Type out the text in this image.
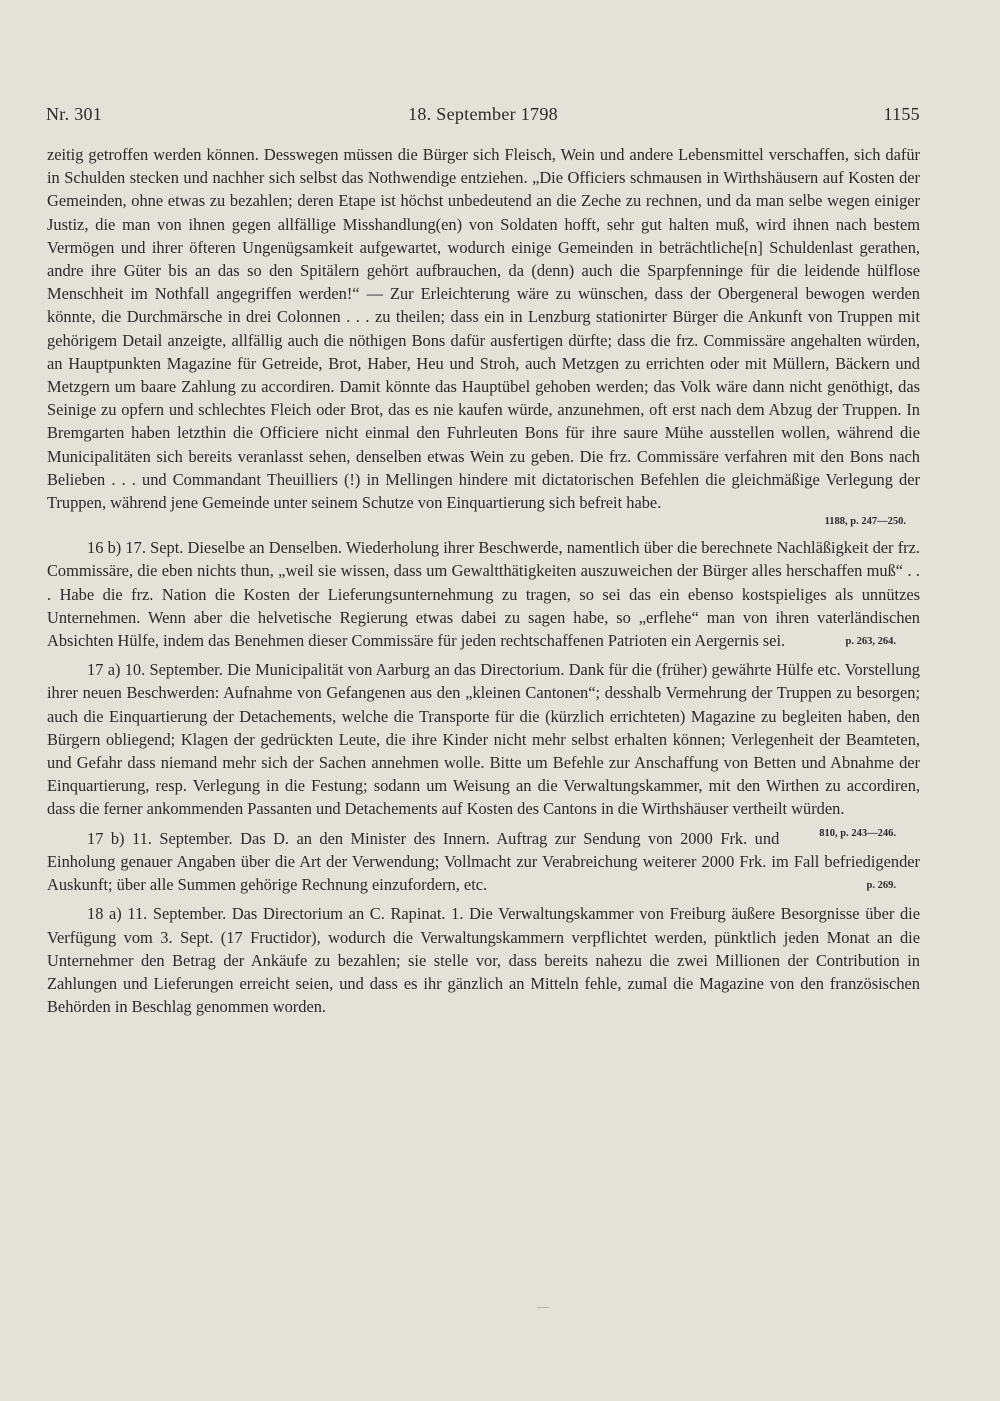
Nr. 301	18. September 1798	1155

zeitig getroffen werden können. Desswegen müssen die Bürger sich Fleisch, Wein und andere Lebensmittel verschaffen, sich dafür in Schulden stecken und nachher sich selbst das Nothwendige entziehen. „Die Officiers schmausen in Wirthshäusern auf Kosten der Gemeinden, ohne etwas zu bezahlen; deren Etape ist höchst unbedeutend an die Zeche zu rechnen, und da man selbe wegen einiger Justiz, die man von ihnen gegen allfällige Misshandlung(en) von Soldaten hofft, sehr gut halten muß, wird ihnen nach bestem Vermögen und ihrer öfteren Ungenügsamkeit aufgewartet, wodurch einige Gemeinden in beträchtliche[n] Schuldenlast gerathen, andre ihre Güter bis an das so den Spitälern gehört aufbrauchen, da (denn) auch die Sparpfenninge für die leidende hülflose Menschheit im Nothfall angegriffen werden!“ — Zur Erleichterung wäre zu wünschen, dass der Obergeneral bewogen werden könnte, die Durchmärsche in drei Colonnen . . . zu theilen; dass ein in Lenzburg stationirter Bürger die Ankunft von Truppen mit gehörigem Detail anzeigte, allfällig auch die nöthigen Bons dafür ausfertigen dürfte; dass die frz. Commissäre angehalten würden, an Hauptpunkten Magazine für Getreide, Brot, Haber, Heu und Stroh, auch Metzgen zu errichten oder mit Müllern, Bäckern und Metzgern um baare Zahlung zu accordiren. Damit könnte das Hauptübel gehoben werden; das Volk wäre dann nicht genöthigt, das Seinige zu opfern und schlechtes Fleich oder Brot, das es nie kaufen würde, anzunehmen, oft erst nach dem Abzug der Truppen. In Bremgarten haben letzthin die Officiere nicht einmal den Fuhrleuten Bons für ihre saure Mühe ausstellen wollen, während die Municipalitäten sich bereits veranlasst sehen, denselben etwas Wein zu geben. Die frz. Commissäre verfahren mit den Bons nach Belieben . . . und Commandant Theuilliers (!) in Mellingen hindere mit dictatorischen Befehlen die gleichmäßige Verlegung der Truppen, während jene Gemeinde unter seinem Schutze von Einquartierung sich befreit habe.

1188, p. 247—250.

16 b) 17. Sept. Dieselbe an Denselben. Wiederholung ihrer Beschwerde, namentlich über die berechnete Nachläßigkeit der frz. Commissäre, die eben nichts thun, „weil sie wissen, dass um Gewaltthätigkeiten auszuweichen der Bürger alles herschaffen muß“ . . . Habe die frz. Nation die Kosten der Lieferungsunternehmung zu tragen, so sei das ein ebenso kostspieliges als unnützes Unternehmen. Wenn aber die helvetische Regierung etwas dabei zu sagen habe, so „erflehe“ man von ihren vaterländischen Absichten Hülfe, indem das Benehmen dieser Commissäre für jeden rechtschaffenen Patrioten ein Aergernis sei.	p. 263, 264.

17 a) 10. September. Die Municipalität von Aarburg an das Directorium. Dank für die (früher) gewährte Hülfe etc. Vorstellung ihrer neuen Beschwerden: Aufnahme von Gefangenen aus den „kleinen Cantonen“; desshalb Vermehrung der Truppen zu besorgen; auch die Einquartierung der Detachements, welche die Transporte für die (kürzlich errichteten) Magazine zu begleiten haben, den Bürgern obliegend; Klagen der gedrückten Leute, die ihre Kinder nicht mehr selbst erhalten können; Verlegenheit der Beamteten, und Gefahr dass niemand mehr sich der Sachen annehmen wolle. Bitte um Befehle zur Anschaffung von Betten und Abnahme der Einquartierung, resp. Verlegung in die Festung; sodann um Weisung an die Verwaltungskammer, mit den Wirthen zu accordiren, dass die ferner ankommenden Passanten und Detachements auf Kosten des Cantons in die Wirthshäuser vertheilt würden.
810, p. 243—246.

17 b) 11. September. Das D. an den Minister des Innern. Auftrag zur Sendung von 2000 Frk. und Einholung genauer Angaben über die Art der Verwendung; Vollmacht zur Verabreichung weiterer 2000 Frk. im Fall befriedigender Auskunft; über alle Summen gehörige Rechnung einzufordern, etc.	p. 269.

18 a) 11. September. Das Directorium an C. Rapinat. 1. Die Verwaltungskammer von Freiburg äußere Besorgnisse über die Verfügung vom 3. Sept. (17 Fructidor), wodurch die Verwaltungskammern verpflichtet werden, pünktlich jeden Monat an die Unternehmer den Betrag der Ankäufe zu bezahlen; sie stelle vor, dass bereits nahezu die zwei Millionen der Contribution in Zahlungen und Lieferungen erreicht seien, und dass es ihr gänzlich an Mitteln fehle, zumal die Magazine von den französischen Behörden in Beschlag genommen worden.

—
